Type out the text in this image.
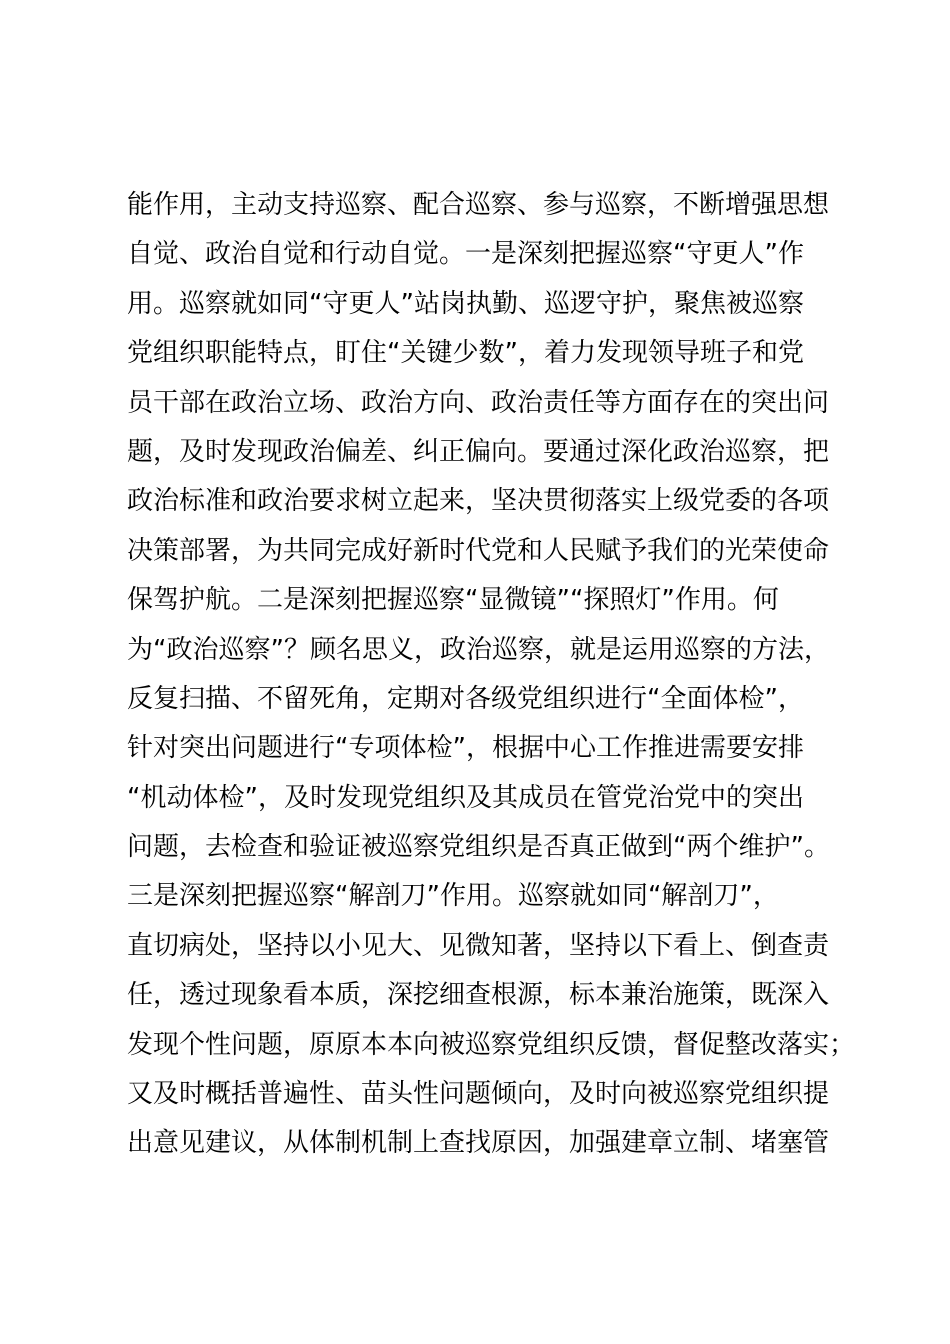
能作用，主动支持巡察、配合巡察、参与巡察，不断增强思想
自觉、政治自觉和行动自觉。一是深刻把握巡察“守更人”作
用。巡察就如同“守更人”站岗执勤、巡逻守护，聚焦被巡察
党组织职能特点，盯住“关键少数”，着力发现领导班子和党
员干部在政治立场、政治方向、政治责任等方面存在的突出问
题，及时发现政治偏差、纠正偏向。要通过深化政治巡察，把
政治标准和政治要求树立起来，坚决贯彻落实上级党委的各项
决策部署，为共同完成好新时代党和人民赋予我们的光荣使命
保驾护航。二是深刻把握巡察“显微镜”“探照灯”作用。何
为“政治巡察”？顾名思义，政治巡察，就是运用巡察的方法，
反复扫描、不留死角，定期对各级党组织进行“全面体检”，
针对突出问题进行“专项体检”，根据中心工作推进需要安排
“机动体检”，及时发现党组织及其成员在管党治党中的突出
问题，去检查和验证被巡察党组织是否真正做到“两个维护”。
三是深刻把握巡察“解剖刀”作用。巡察就如同“解剖刀”，
直切病处，坚持以小见大、见微知著，坚持以下看上、倒查责
任，透过现象看本质，深挖细查根源，标本兼治施策，既深入
发现个性问题，原原本本向被巡察党组织反馈，督促整改落实；
又及时概括普遍性、苗头性问题倾向，及时向被巡察党组织提
出意见建议，从体制机制上查找原因，加强建章立制、堵塞管
